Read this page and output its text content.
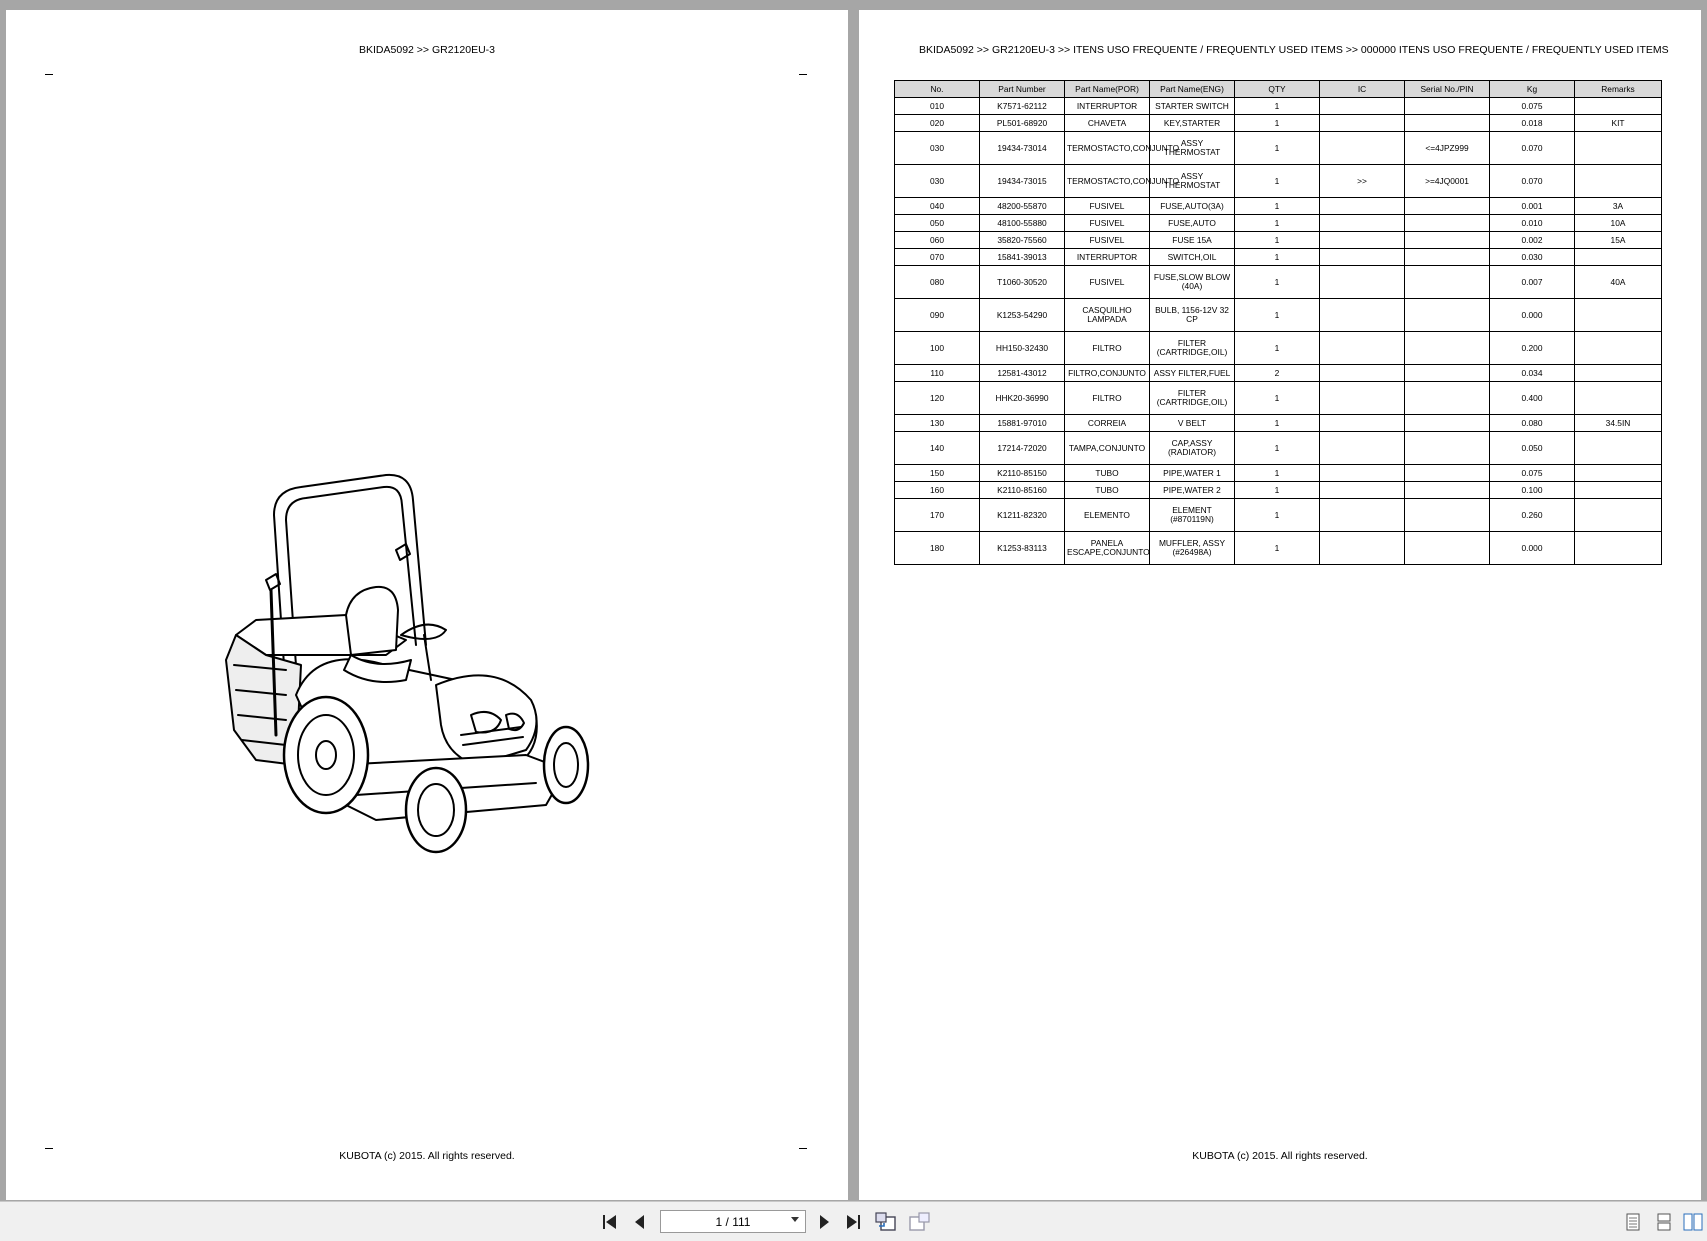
BKIDA5092 >> GR2120EU-3
KUBOTA (c) 2015. All rights reserved.
BKIDA5092 >> GR2120EU-3 >> ITENS USO FREQUENTE / FREQUENTLY USED ITEMS >> 000000 ITENS USO FREQUENTE / FREQUENTLY USED ITEMS
No.	Part Number	Part Name(POR)	Part Name(ENG)	QTY	IC	Serial No./PIN	Kg	Remarks
010	K7571-62112	INTERRUPTOR	STARTER SWITCH	1			0.075	
020	PL501-68920	CHAVETA	KEY,STARTER	1			0.018	KIT
030	19434-73014	TERMOSTACTO,CONJUNTO	ASSY THERMOSTAT	1		<=4JPZ999	0.070	
030	19434-73015	TERMOSTACTO,CONJUNTO	ASSY THERMOSTAT	1	>>	>=4JQ0001	0.070	
040	48200-55870	FUSIVEL	FUSE,AUTO(3A)	1			0.001	3A
050	48100-55880	FUSIVEL	FUSE,AUTO	1			0.010	10A
060	35820-75560	FUSIVEL	FUSE 15A	1			0.002	15A
070	15841-39013	INTERRUPTOR	SWITCH,OIL	1			0.030	
080	T1060-30520	FUSIVEL	FUSE,SLOW BLOW (40A)	1			0.007	40A
090	K1253-54290	CASQUILHO LAMPADA	BULB, 1156-12V 32 CP	1			0.000	
100	HH150-32430	FILTRO	FILTER (CARTRIDGE,OIL)	1			0.200	
110	12581-43012	FILTRO,CONJUNTO	ASSY FILTER,FUEL	2			0.034	
120	HHK20-36990	FILTRO	FILTER (CARTRIDGE,OIL)	1			0.400	
130	15881-97010	CORREIA	V BELT	1			0.080	34.5IN
140	17214-72020	TAMPA,CONJUNTO	CAP,ASSY (RADIATOR)	1			0.050	
150	K2110-85150	TUBO	PIPE,WATER 1	1			0.075	
160	K2110-85160	TUBO	PIPE,WATER 2	1			0.100	
170	K1211-82320	ELEMENTO	ELEMENT (#870119N)	1			0.260	
180	K1253-83113	PANELA ESCAPE,CONJUNTO	MUFFLER, ASSY (#26498A)	1			0.000	
KUBOTA (c) 2015. All rights reserved.
1 / 111
